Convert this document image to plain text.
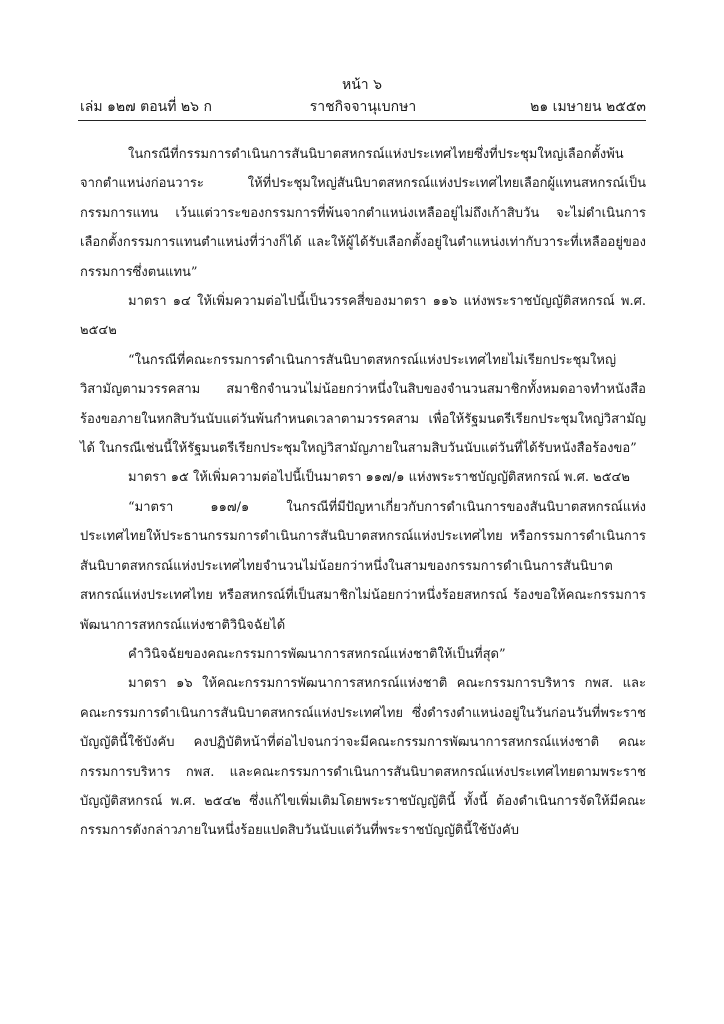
หน้า ๖
เล่ม ๑๒๗ ตอนที่ ๒๖ ก	ราชกิจจานุเบกษา	๒๑ เมษายน ๒๕๕๓

ในกรณีที่กรรมการดำเนินการสันนิบาตสหกรณ์แห่งประเทศไทยซึ่งที่ประชุมใหญ่เลือกตั้งพ้นจากตำแหน่งก่อนวาระ ให้ที่ประชุมใหญ่สันนิบาตสหกรณ์แห่งประเทศไทยเลือกผู้แทนสหกรณ์เป็นกรรมการแทน เว้นแต่วาระของกรรมการที่พ้นจากตำแหน่งเหลืออยู่ไม่ถึงเก้าสิบวัน จะไม่ดำเนินการเลือกตั้งกรรมการแทนตำแหน่งที่ว่างก็ได้ และให้ผู้ได้รับเลือกตั้งอยู่ในตำแหน่งเท่ากับวาระที่เหลืออยู่ของกรรมการซึ่งตนแทน”

มาตรา ๑๔ ให้เพิ่มความต่อไปนี้เป็นวรรคสี่ของมาตรา ๑๑๖ แห่งพระราชบัญญัติสหกรณ์ พ.ศ. ๒๕๔๒

“ในกรณีที่คณะกรรมการดำเนินการสันนิบาตสหกรณ์แห่งประเทศไทยไม่เรียกประชุมใหญ่วิสามัญตามวรรคสาม สมาชิกจำนวนไม่น้อยกว่าหนึ่งในสิบของจำนวนสมาชิกทั้งหมดอาจทำหนังสือร้องขอภายในหกสิบวันนับแต่วันพ้นกำหนดเวลาตามวรรคสาม เพื่อให้รัฐมนตรีเรียกประชุมใหญ่วิสามัญได้ ในกรณีเช่นนี้ให้รัฐมนตรีเรียกประชุมใหญ่วิสามัญภายในสามสิบวันนับแต่วันที่ได้รับหนังสือร้องขอ”

มาตรา ๑๕ ให้เพิ่มความต่อไปนี้เป็นมาตรา ๑๑๗/๑ แห่งพระราชบัญญัติสหกรณ์ พ.ศ. ๒๕๔๒

“มาตรา ๑๑๗/๑ ในกรณีที่มีปัญหาเกี่ยวกับการดำเนินการของสันนิบาตสหกรณ์แห่งประเทศไทยให้ประธานกรรมการดำเนินการสันนิบาตสหกรณ์แห่งประเทศไทย หรือกรรมการดำเนินการสันนิบาตสหกรณ์แห่งประเทศไทยจำนวนไม่น้อยกว่าหนึ่งในสามของกรรมการดำเนินการสันนิบาตสหกรณ์แห่งประเทศไทย หรือสหกรณ์ที่เป็นสมาชิกไม่น้อยกว่าหนึ่งร้อยสหกรณ์ ร้องขอให้คณะกรรมการพัฒนาการสหกรณ์แห่งชาติวินิจฉัยได้

คำวินิจฉัยของคณะกรรมการพัฒนาการสหกรณ์แห่งชาติให้เป็นที่สุด”

มาตรา ๑๖ ให้คณะกรรมการพัฒนาการสหกรณ์แห่งชาติ คณะกรรมการบริหาร กพส. และคณะกรรมการดำเนินการสันนิบาตสหกรณ์แห่งประเทศไทย ซึ่งดำรงตำแหน่งอยู่ในวันก่อนวันที่พระราชบัญญัตินี้ใช้บังคับ คงปฏิบัติหน้าที่ต่อไปจนกว่าจะมีคณะกรรมการพัฒนาการสหกรณ์แห่งชาติ คณะกรรมการบริหาร กพส. และคณะกรรมการดำเนินการสันนิบาตสหกรณ์แห่งประเทศไทยตามพระราชบัญญัติสหกรณ์ พ.ศ. ๒๕๔๒ ซึ่งแก้ไขเพิ่มเติมโดยพระราชบัญญัตินี้ ทั้งนี้ ต้องดำเนินการจัดให้มีคณะกรรมการดังกล่าวภายในหนึ่งร้อยแปดสิบวันนับแต่วันที่พระราชบัญญัตินี้ใช้บังคับ
